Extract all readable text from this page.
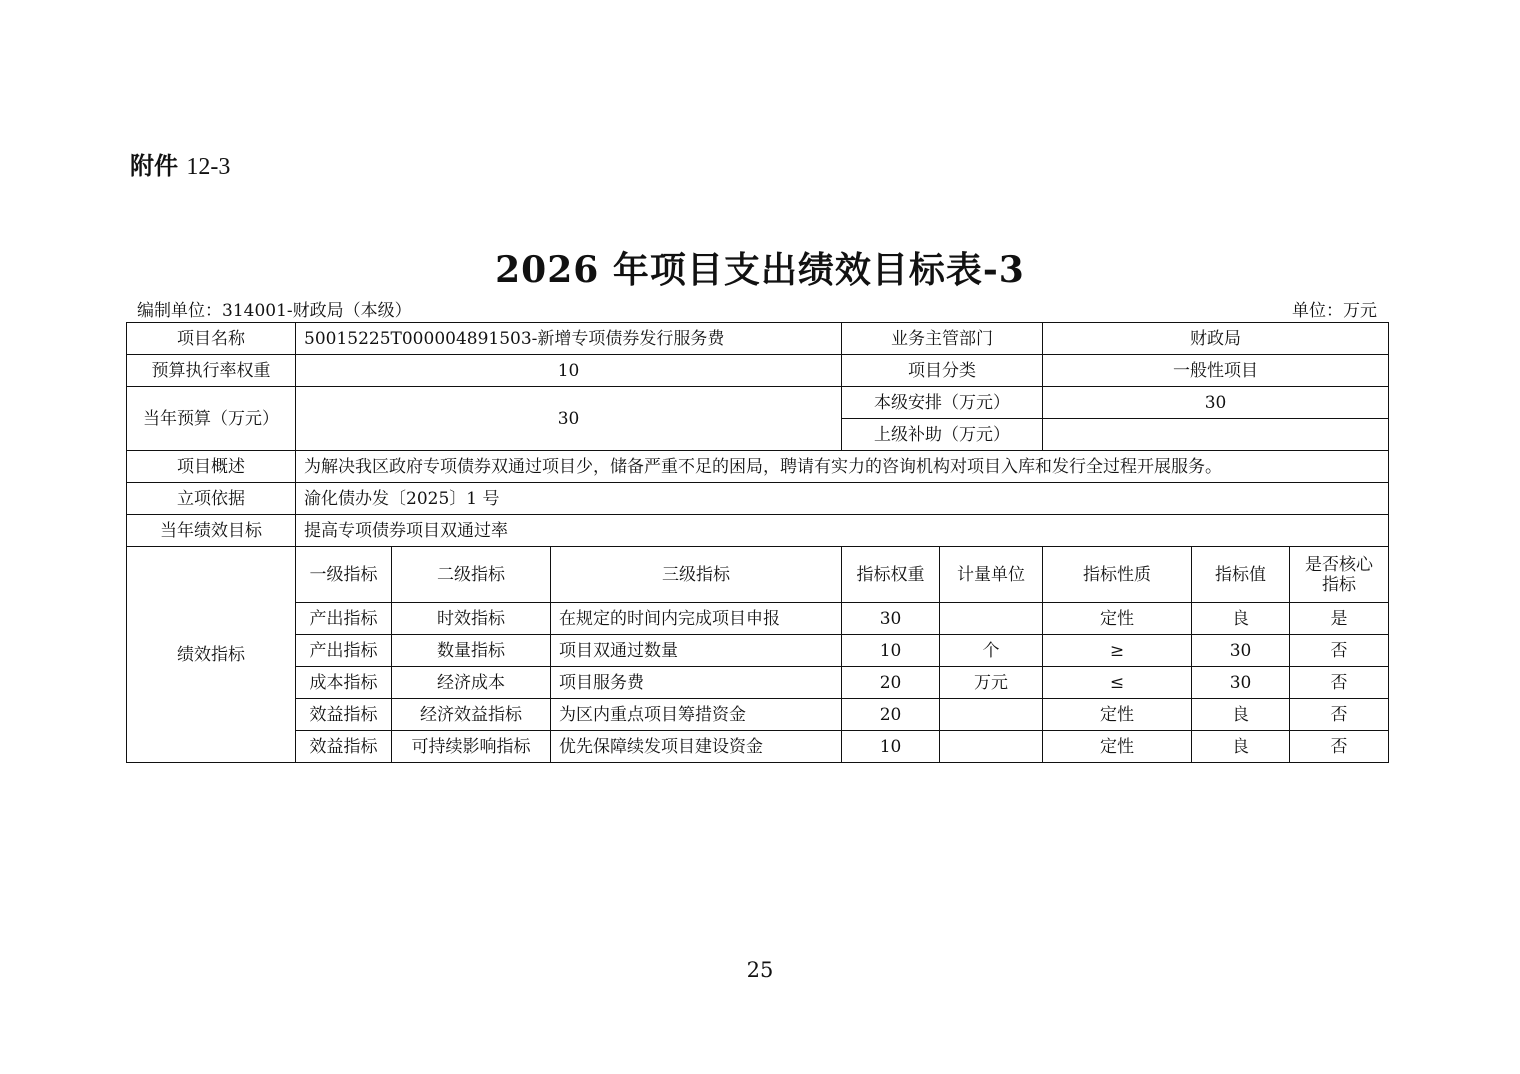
附件 12-3
2026 年项目支出绩效目标表-3
编制单位：314001-财政局（本级）	单位：万元
项目名称	50015225T000004891503-新增专项债券发行服务费			业务主管部门		财政局		
预算执行率权重	10			项目分类		一般性项目		
当年预算（万元）	30			本级安排（万元）		30		
				上级补助（万元）				
项目概述	为解决我区政府专项债券双通过项目少，储备严重不足的困局，聘请有实力的咨询机构对项目入库和发行全过程开展服务。							
立项依据	渝化债办发〔2025〕1 号							
当年绩效目标	提高专项债券项目双通过率							
绩效指标	一级指标	二级指标	三级指标	指标权重	计量单位	指标性质	指标值	是否核心指标
	产出指标	时效指标	在规定的时间内完成项目申报	30		定性	良	是
	产出指标	数量指标	项目双通过数量	10	个	≥	30	否
	成本指标	经济成本	项目服务费	20	万元	≤	30	否
	效益指标	经济效益指标	为区内重点项目筹措资金	20		定性	良	否
	效益指标	可持续影响指标	优先保障续发项目建设资金	10		定性	良	否
25
